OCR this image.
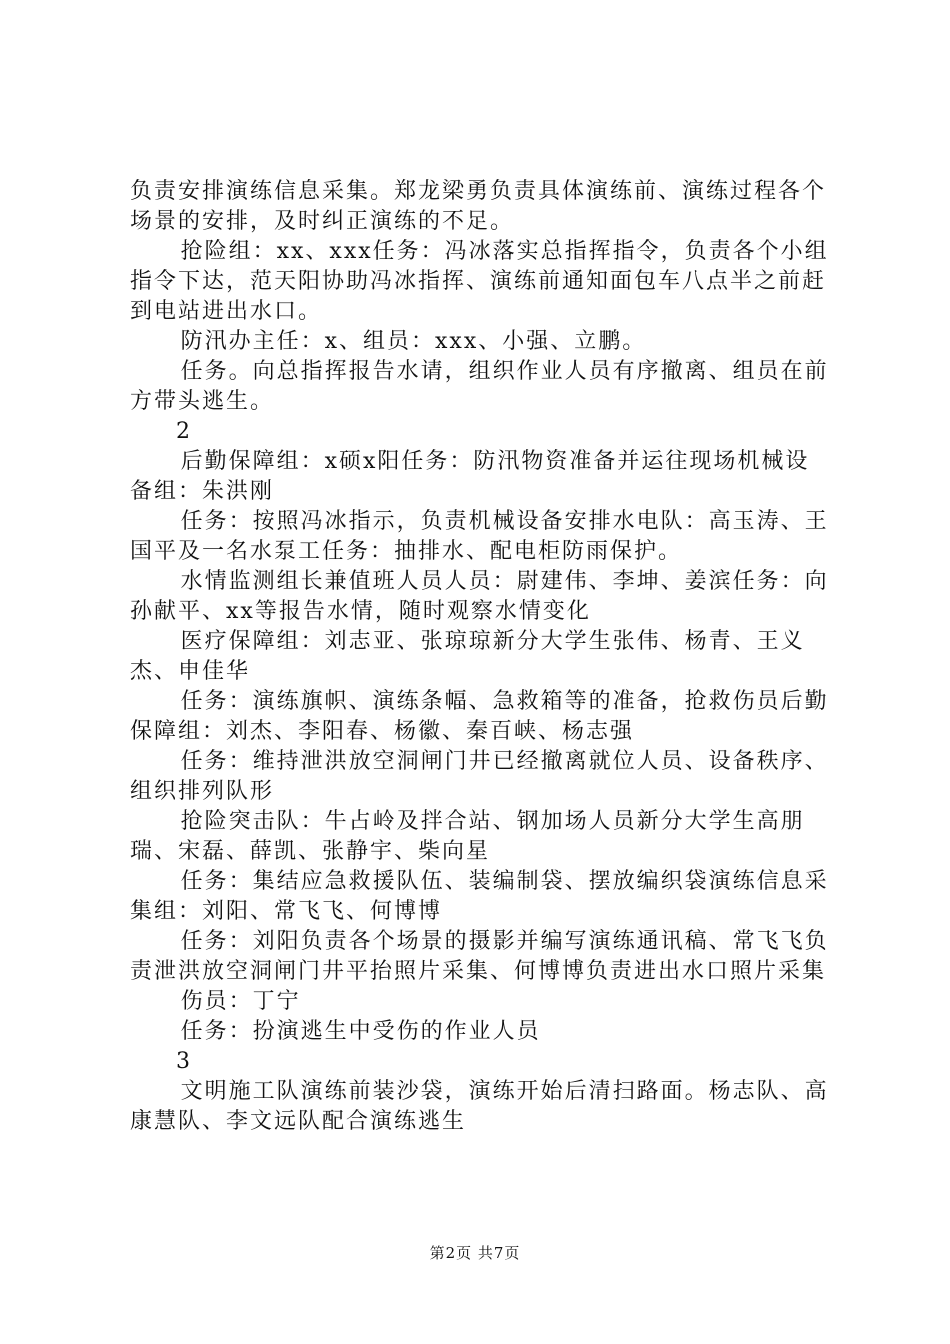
负责安排演练信息采集。郑龙梁勇负责具体演练前、演练过程各个场景的安排，及时纠正演练的不足。

抢险组：xx、xxx任务：冯冰落实总指挥指令，负责各个小组指令下达，范天阳协助冯冰指挥、演练前通知面包车八点半之前赶到电站进出水口。

防汛办主任：x、组员：xxx、小强、立鹏。

任务。向总指挥报告水请，组织作业人员有序撤离、组员在前方带头逃生。

2

后勤保障组：x硕x阳任务：防汛物资准备并运往现场机械设备组：朱洪刚

任务：按照冯冰指示，负责机械设备安排水电队：高玉涛、王国平及一名水泵工任务：抽排水、配电柜防雨保护。

水情监测组长兼值班人员人员：尉建伟、李坤、姜滨任务：向孙献平、xx等报告水情，随时观察水情变化

医疗保障组：刘志亚、张琼琼新分大学生张伟、杨青、王义杰、申佳华

任务：演练旗帜、演练条幅、急救箱等的准备，抢救伤员后勤保障组：刘杰、李阳春、杨徽、秦百峡、杨志强

任务：维持泄洪放空洞闸门井已经撤离就位人员、设备秩序、组织排列队形

抢险突击队：牛占岭及拌合站、钢加场人员新分大学生高朋瑞、宋磊、薛凯、张静宇、柴向星

任务：集结应急救援队伍、装编制袋、摆放编织袋演练信息采集组：刘阳、常飞飞、何博博

任务：刘阳负责各个场景的摄影并编写演练通讯稿、常飞飞负责泄洪放空洞闸门井平抬照片采集、何博博负责进出水口照片采集

伤员：丁宁

任务：扮演逃生中受伤的作业人员

3

文明施工队演练前装沙袋，演练开始后清扫路面。杨志队、高康慧队、李文远队配合演练逃生

第2页 共7页
